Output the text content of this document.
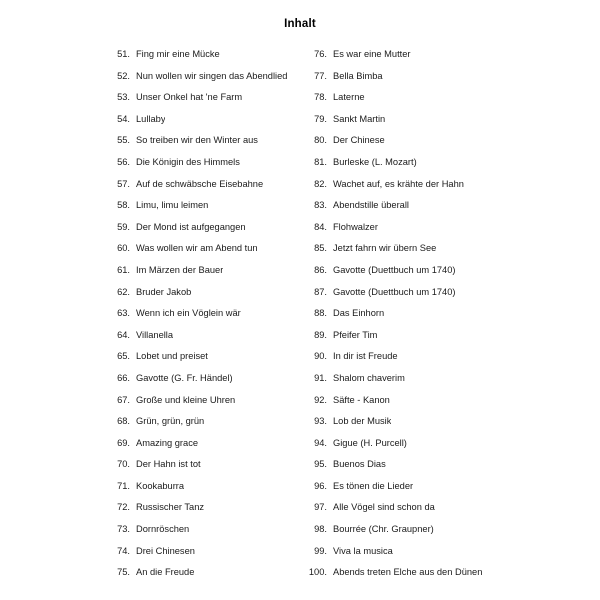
Inhalt
51. Fing mir eine Mücke
52. Nun wollen wir singen das Abendlied
53. Unser Onkel hat 'ne Farm
54. Lullaby
55. So treiben wir den Winter aus
56. Die Königin des Himmels
57. Auf de schwäbsche Eisebahne
58. Limu, limu leimen
59. Der Mond ist aufgegangen
60. Was wollen wir am Abend tun
61. Im Märzen der Bauer
62. Bruder Jakob
63. Wenn ich ein Vöglein wär
64. Villanella
65. Lobet und preiset
66. Gavotte (G. Fr. Händel)
67. Große und kleine Uhren
68. Grün, grün, grün
69. Amazing grace
70. Der Hahn ist tot
71. Kookaburra
72. Russischer Tanz
73. Dornröschen
74. Drei Chinesen
75. An die Freude
76. Es war eine Mutter
77. Bella Bimba
78. Laterne
79. Sankt Martin
80. Der Chinese
81. Burleske (L. Mozart)
82. Wachet auf, es krähte der Hahn
83. Abendstille überall
84. Flohwalzer
85. Jetzt fahrn wir übern See
86. Gavotte (Duettbuch um 1740)
87. Gavotte (Duettbuch um 1740)
88. Das Einhorn
89. Pfeifer Tim
90. In dir ist Freude
91. Shalom chaverim
92. Säfte - Kanon
93. Lob der Musik
94. Gigue (H. Purcell)
95. Buenos Dias
96. Es tönen die Lieder
97. Alle Vögel sind schon da
98. Bourrée (Chr. Graupner)
99. Viva la musica
100. Abends treten Elche aus den Dünen
